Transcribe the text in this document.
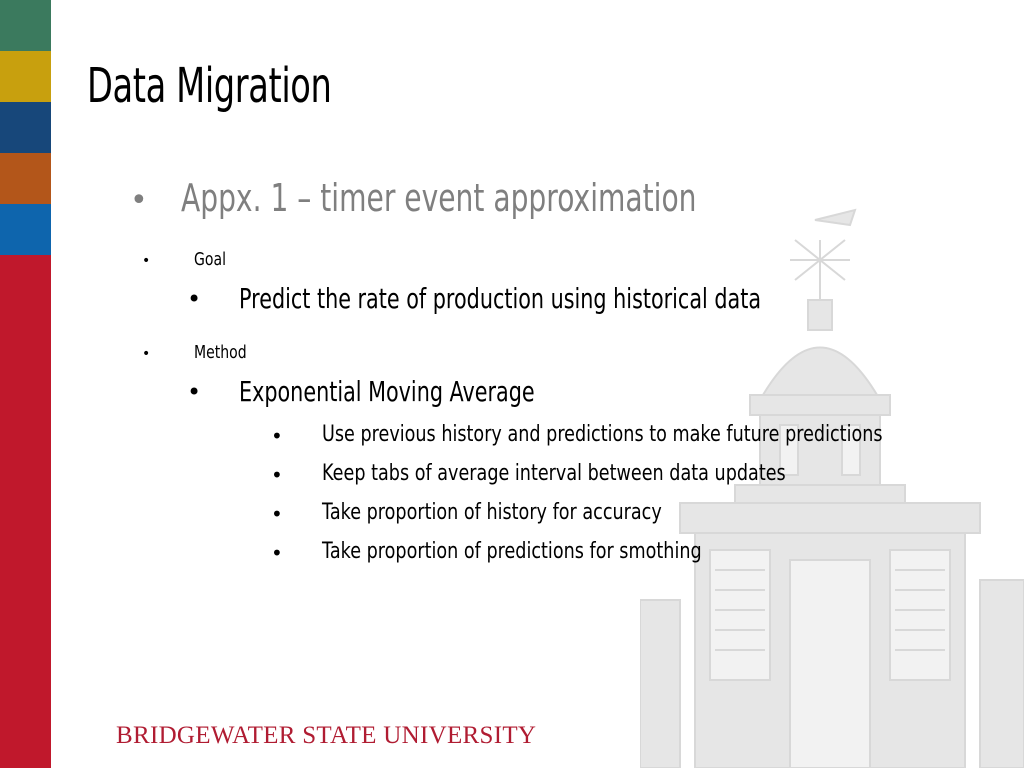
Data Migration
• Appx. 1 – timer event approximation
• Goal
• Predict the rate of production using historical data
• Method
• Exponential Moving Average
• Use previous history and predictions to make future predictions
• Keep tabs of average interval between data updates
• Take proportion of history for accuracy
• Take proportion of predictions for smothing
BRIDGEWATER STATE UNIVERSITY
